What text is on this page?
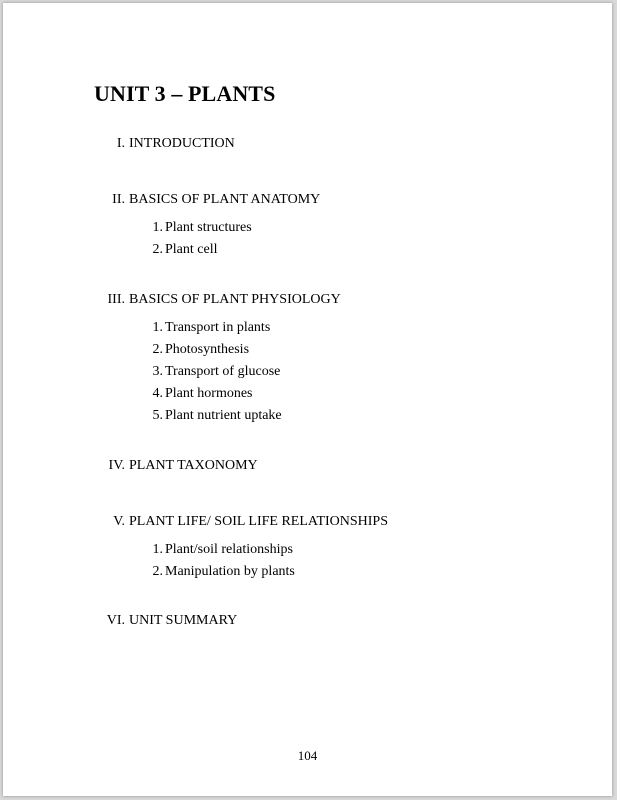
UNIT 3 – PLANTS
I. INTRODUCTION
II. BASICS OF PLANT ANATOMY
1. Plant structures
2. Plant cell
III. BASICS OF PLANT PHYSIOLOGY
1. Transport in plants
2. Photosynthesis
3. Transport of glucose
4. Plant hormones
5. Plant nutrient uptake
IV. PLANT TAXONOMY
V. PLANT LIFE/ SOIL LIFE RELATIONSHIPS
1. Plant/soil relationships
2. Manipulation by plants
VI. UNIT SUMMARY
104
